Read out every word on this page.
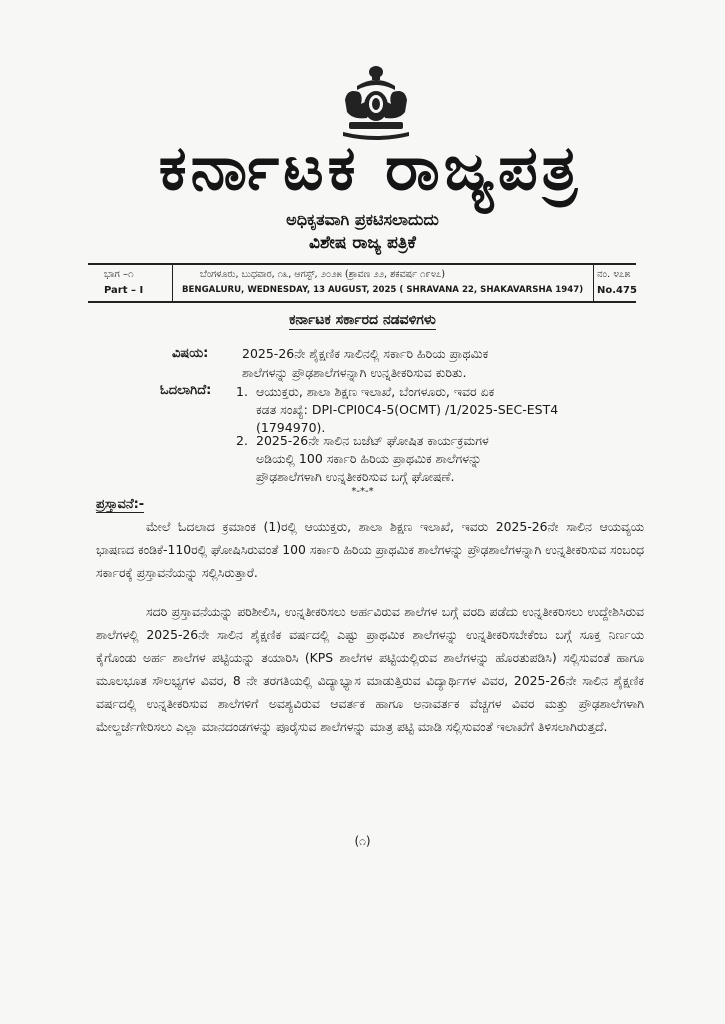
ಕರ್ನಾಟಕ ರಾಜ್ಯಪತ್ರ
ಅಧಿಕೃತವಾಗಿ ಪ್ರಕಟಿಸಲಾದುದು
ವಿಶೇಷ ರಾಜ್ಯ ಪತ್ರಿಕೆ
ಭಾಗ –೧
Part – I
ಬೆಂಗಳೂರು, ಬುಧವಾರ, ೧೩, ಆಗಸ್ಟ್, ೨೦೨೫ (ಶ್ರಾವಣ ೨೨, ಶಕವರ್ಷ ೧೯೪೭)
BENGALURU, WEDNESDAY, 13 AUGUST, 2025 ( SHRAVANA 22, SHAKAVARSHA 1947)
ನಂ. ೪೭೫
No.475
ಕರ್ನಾಟಕ ಸರ್ಕಾರದ ನಡವಳಿಗಳು
ವಿಷಯ:	2025-26ನೇ ಶೈಕ್ಷಣಿಕ ಸಾಲಿನಲ್ಲಿ ಸರ್ಕಾರಿ ಹಿರಿಯ ಪ್ರಾಥಮಿಕ
ಶಾಲೆಗಳನ್ನು ಪ್ರೌಢಶಾಲೆಗಳನ್ನಾಗಿ ಉನ್ನತೀಕರಿಸುವ ಕುರಿತು.
ಓದಲಾಗಿದೆ: 1. ಆಯುಕ್ತರು, ಶಾಲಾ ಶಿಕ್ಷಣ ಇಲಾಖೆ, ಬೆಂಗಳೂರು, ಇವರ ಏಕ
ಕಡತ ಸಂಖ್ಯೆ: DPI-CPI0C4-5(OCMT) /1/2025-SEC-EST4
(1794970).
2. 2025-26ನೇ ಸಾಲಿನ ಬಜೆಟ್ ಘೋಷಿತ ಕಾರ್ಯಕ್ರಮಗಳ
ಅಡಿಯಲ್ಲಿ 100 ಸರ್ಕಾರಿ ಹಿರಿಯ ಪ್ರಾಥಮಿಕ ಶಾಲೆಗಳನ್ನು
ಪ್ರೌಢಶಾಲೆಗಳಾಗಿ ಉನ್ನತೀಕರಿಸುವ ಬಗ್ಗೆ ಘೋಷಣೆ.
*-*-*
ಪ್ರಸ್ತಾವನೆ:-
ಮೇಲೆ ಓದಲಾದ ಕ್ರಮಾಂಕ (1)ರಲ್ಲಿ ಆಯುಕ್ತರು, ಶಾಲಾ ಶಿಕ್ಷಣ ಇಲಾಖೆ, ಇವರು 2025-26ನೇ ಸಾಲಿನ ಆಯವ್ಯಯ ಭಾಷಣದ ಕಂಡಿಕೆ-110ರಲ್ಲಿ ಘೋಷಿಸಿರುವಂತೆ 100 ಸರ್ಕಾರಿ ಹಿರಿಯ ಪ್ರಾಥಮಿಕ ಶಾಲೆಗಳನ್ನು ಪ್ರೌಢಶಾಲೆಗಳನ್ನಾಗಿ ಉನ್ನತೀಕರಿಸುವ ಸಂಬಂಧ ಸರ್ಕಾರಕ್ಕೆ ಪ್ರಸ್ತಾವನೆಯನ್ನು ಸಲ್ಲಿಸಿರುತ್ತಾರೆ.
ಸದರಿ ಪ್ರಸ್ತಾವನೆಯನ್ನು ಪರಿಶೀಲಿಸಿ, ಉನ್ನತೀಕರಿಸಲು ಅರ್ಹವಿರುವ ಶಾಲೆಗಳ ಬಗ್ಗೆ ವರದಿ ಪಡೆದು ಉನ್ನತೀಕರಿಸಲು ಉದ್ದೇಶಿಸಿರುವ ಶಾಲೆಗಳಲ್ಲಿ 2025-26ನೇ ಸಾಲಿನ ಶೈಕ್ಷಣಿಕ ವರ್ಷದಲ್ಲಿ ಎಷ್ಟು ಪ್ರಾಥಮಿಕ ಶಾಲೆಗಳನ್ನು ಉನ್ನತೀಕರಿಸಬೇಕೆಂಬ ಬಗ್ಗೆ ಸೂಕ್ತ ನಿರ್ಣಯ ಕೈಗೊಂಡು ಅರ್ಹ ಶಾಲೆಗಳ ಪಟ್ಟಿಯನ್ನು ತಯಾರಿಸಿ (KPS ಶಾಲೆಗಳ ಪಟ್ಟಿಯಲ್ಲಿರುವ ಶಾಲೆಗಳನ್ನು ಹೊರತುಪಡಿಸಿ) ಸಲ್ಲಿಸುವಂತೆ ಹಾಗೂ ಮೂಲಭೂತ ಸೌಲಭ್ಯಗಳ ವಿವರ, 8 ನೇ ತರಗತಿಯಲ್ಲಿ ವಿದ್ಯಾಭ್ಯಾಸ ಮಾಡುತ್ತಿರುವ ವಿದ್ಯಾರ್ಥಿಗಳ ವಿವರ, 2025-26ನೇ ಸಾಲಿನ ಶೈಕ್ಷಣಿಕ ವರ್ಷದಲ್ಲಿ ಉನ್ನತೀಕರಿಸುವ ಶಾಲೆಗಳಿಗೆ ಅವಶ್ಯವಿರುವ ಆವರ್ತಕ ಹಾಗೂ ಅನಾವರ್ತಕ ವೆಚ್ಚಗಳ ವಿವರ ಮತ್ತು ಪ್ರೌಢಶಾಲೆಗಳಾಗಿ ಮೇಲ್ದರ್ಜೆಗೇರಿಸಲು ಎಲ್ಲಾ ಮಾನದಂಡಗಳನ್ನು ಪೂರೈಸುವ ಶಾಲೆಗಳನ್ನು ಮಾತ್ರ ಪಟ್ಟಿ ಮಾಡಿ ಸಲ್ಲಿಸುವಂತೆ ಇಲಾಖೆಗೆ ತಿಳಿಸಲಾಗಿರುತ್ತದೆ.
(೧)
